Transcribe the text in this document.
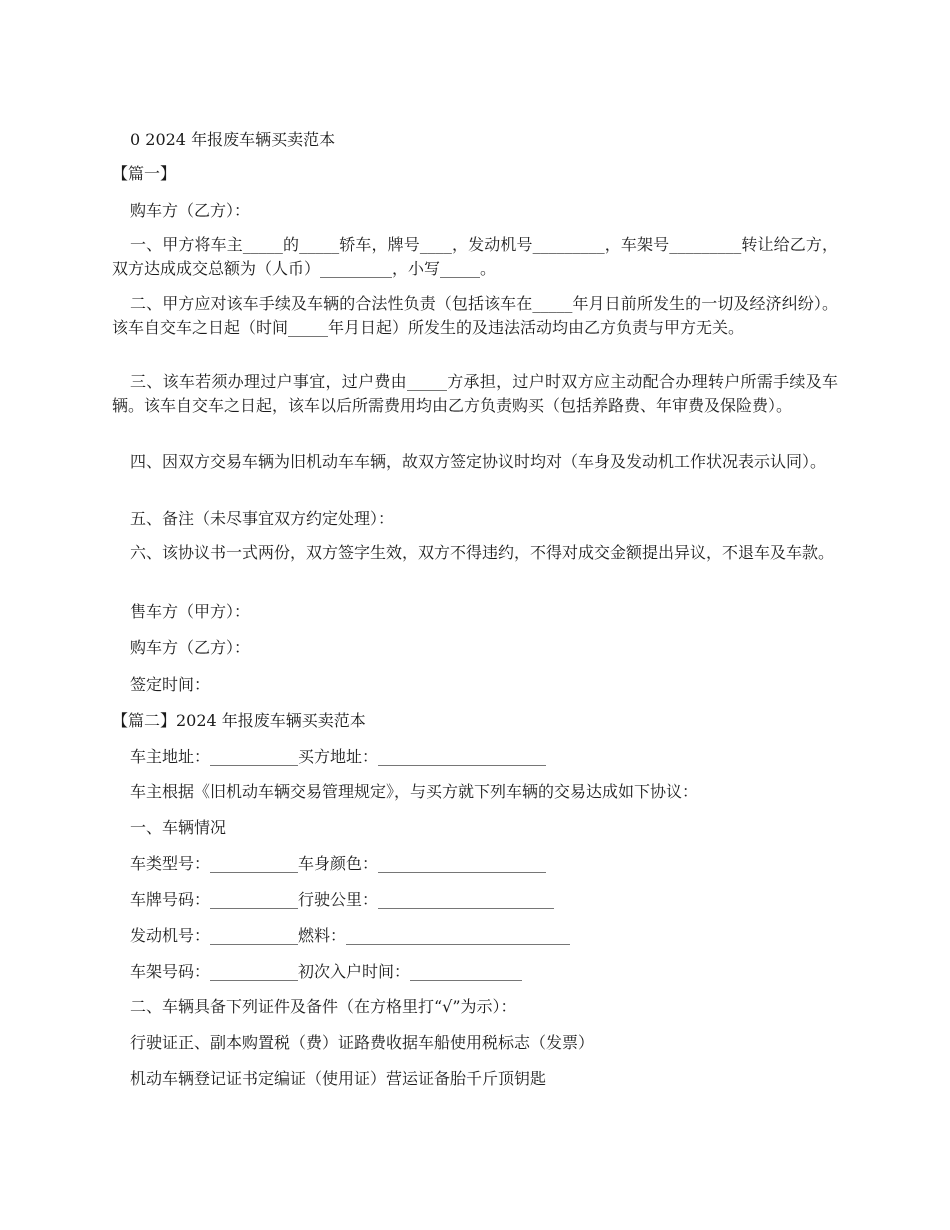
0 2024 年报废车辆买卖范本
【篇一】
购车方（乙方）：
一、甲方将车主_____的_____轿车，牌号____，发动机号_________，车架号_________转让给乙方，双方达成成交总额为（人币）_________，小写_____。
二、甲方应对该车手续及车辆的合法性负责（包括该车在_____年月日前所发生的一切及经济纠纷）。该车自交车之日起（时间_____年月日起）所发生的及违法活动均由乙方负责与甲方无关。
三、该车若须办理过户事宜，过户费由_____方承担，过户时双方应主动配合办理转户所需手续及车辆。该车自交车之日起，该车以后所需费用均由乙方负责购买（包括养路费、年审费及保险费）。
四、因双方交易车辆为旧机动车车辆，故双方签定协议时均对（车身及发动机工作状况表示认同）。
五、备注（未尽事宜双方约定处理）：
六、该协议书一式两份，双方签字生效，双方不得违约，不得对成交金额提出异议，不退车及车款。
售车方（甲方）：
购车方（乙方）：
签定时间：
【篇二】2024 年报废车辆买卖范本
车主地址：___________买方地址：_____________________
车主根据《旧机动车辆交易管理规定》，与买方就下列车辆的交易达成如下协议：
一、车辆情况
车类型号：___________车身颜色：_____________________
车牌号码：___________行驶公里：______________________
发动机号：___________燃料：____________________________
车架号码：___________初次入户时间：______________
二、车辆具备下列证件及备件（在方格里打“√”为示）：
行驶证正、副本购置税（费）证路费收据车船使用税标志（发票）
机动车辆登记证书定编证（使用证）营运证备胎千斤顶钥匙
